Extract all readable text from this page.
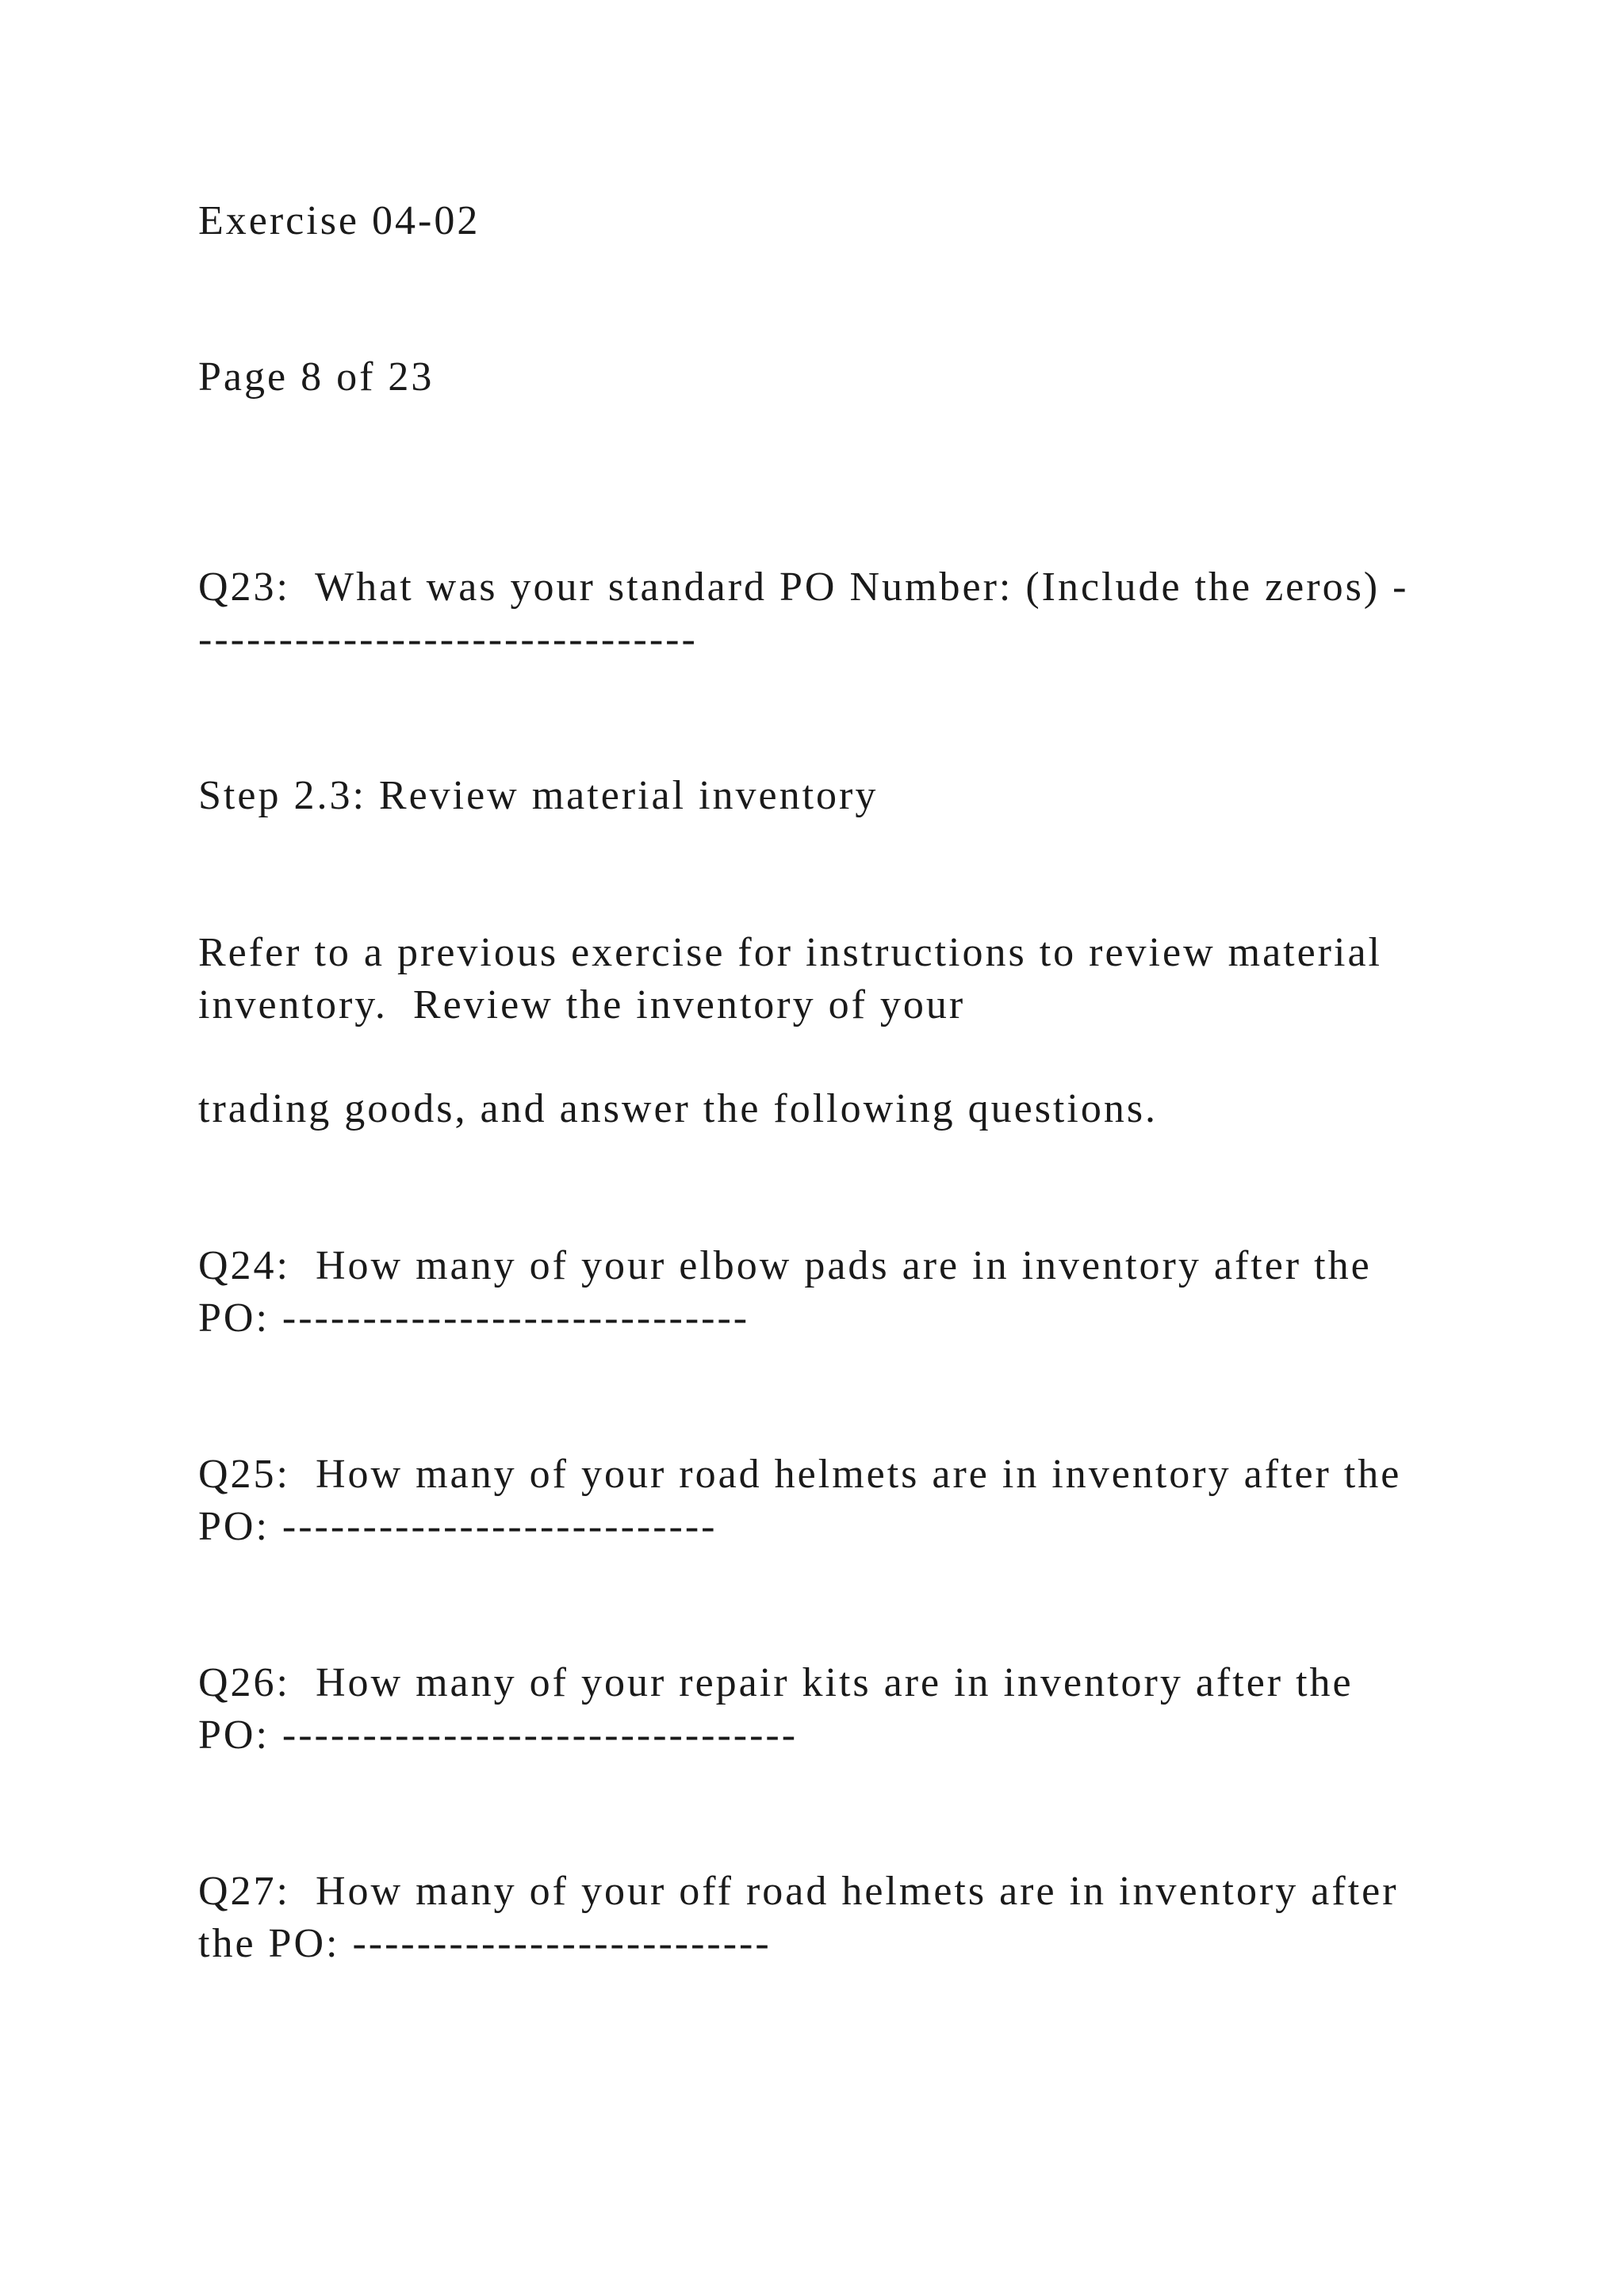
Exercise 04-02

Page 8 of 23

Q23:  What was your standard PO Number: (Include the zeros) -

-------------------------------

Step 2.3: Review material inventory

Refer to a previous exercise for instructions to review material

inventory.  Review the inventory of your

trading goods, and answer the following questions.

Q24:  How many of your elbow pads are in inventory after the

PO: -----------------------------

Q25:  How many of your road helmets are in inventory after the

PO: ---------------------------

Q26:  How many of your repair kits are in inventory after the

PO: --------------------------------

Q27:  How many of your off road helmets are in inventory after

the PO: --------------------------
